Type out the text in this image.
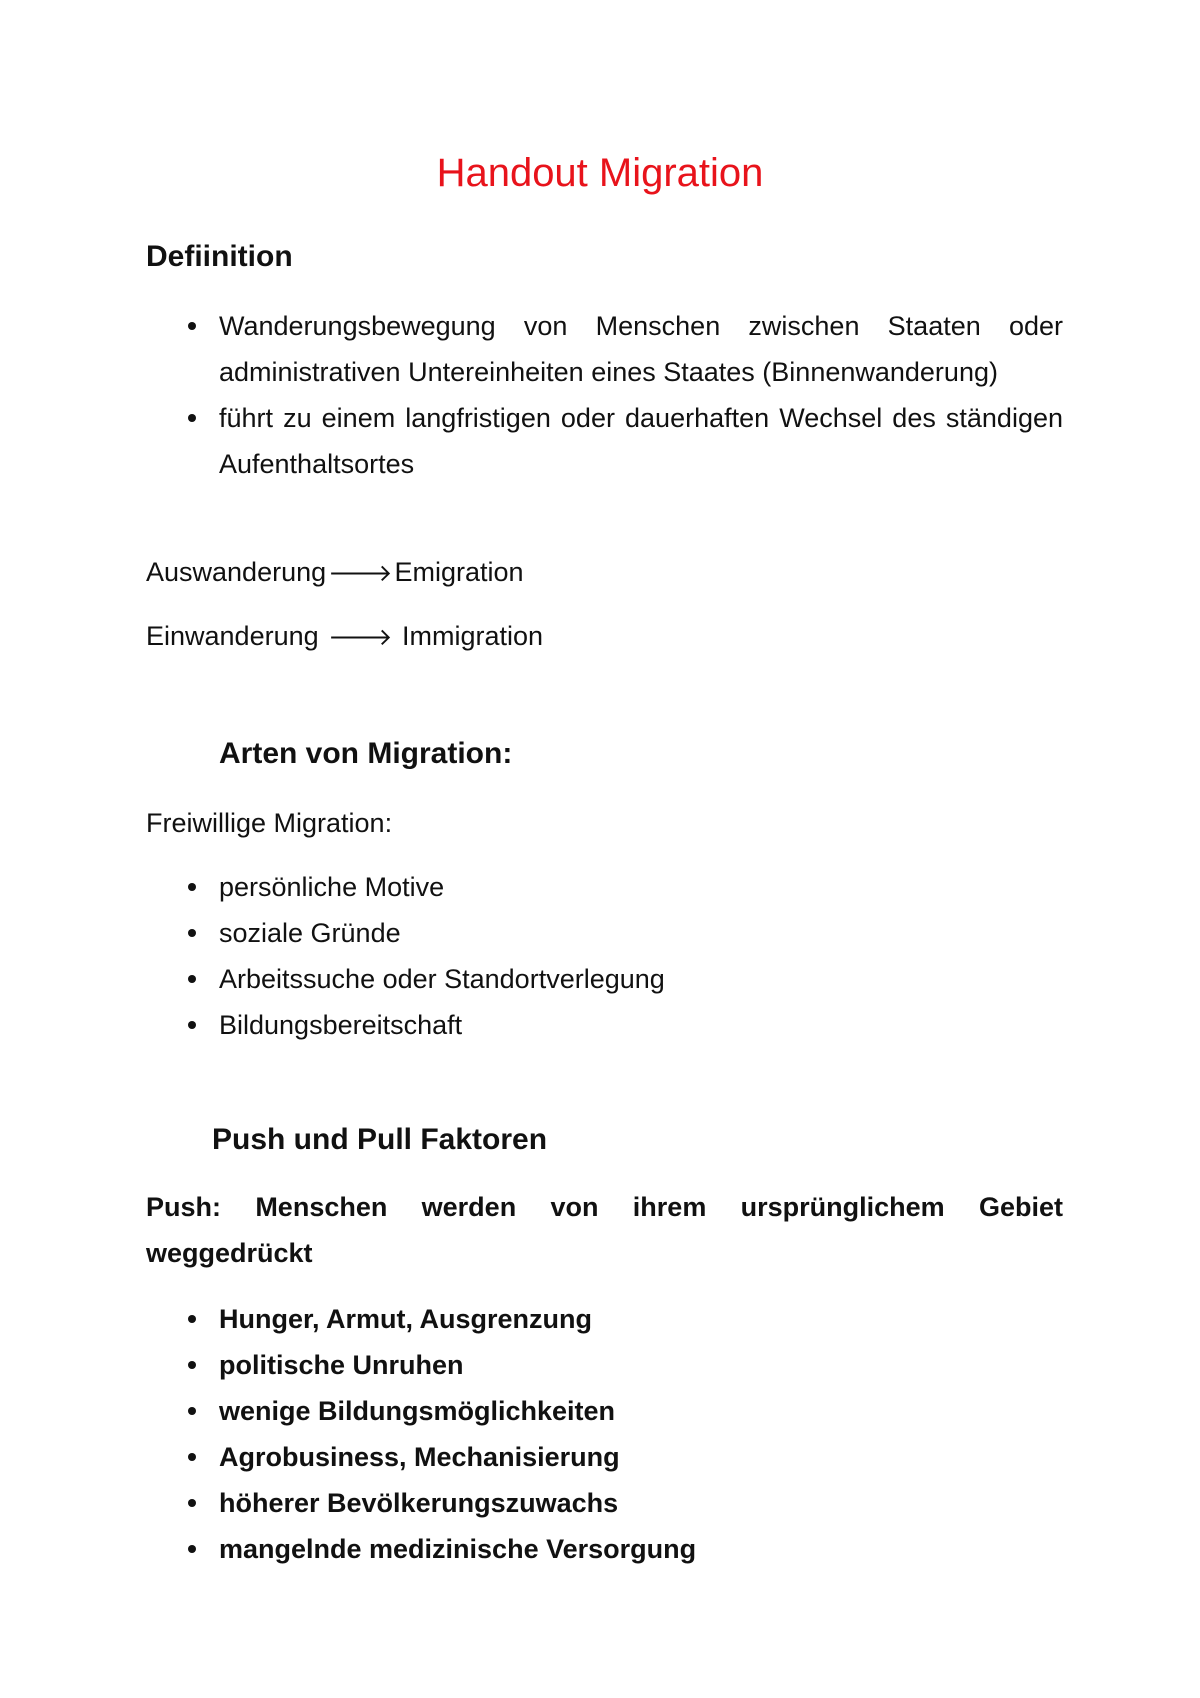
Handout Migration
Defiinition
Wanderungsbewegung von Menschen zwischen Staaten oder administrativen Untereinheiten eines Staates (Binnenwanderung)
führt zu einem langfristigen oder dauerhaften Wechsel des ständigen Aufenthaltsortes

Auswanderung🡒Emigration

Einwanderung 🡒 Immigration

Arten von Migration:

Freiwillige Migration:

persönliche Motive
soziale Gründe
Arbeitssuche oder Standortverlegung
Bildungsbereitschaft
Push und Pull Faktoren
Push: Menschen werden von ihrem ursprünglichem Gebiet
weggedrückt
Hunger, Armut, Ausgrenzung
politische Unruhen
wenige Bildungsmöglichkeiten
Agrobusiness, Mechanisierung
höherer Bevölkerungszuwachs
mangelnde medizinische Versorgung
